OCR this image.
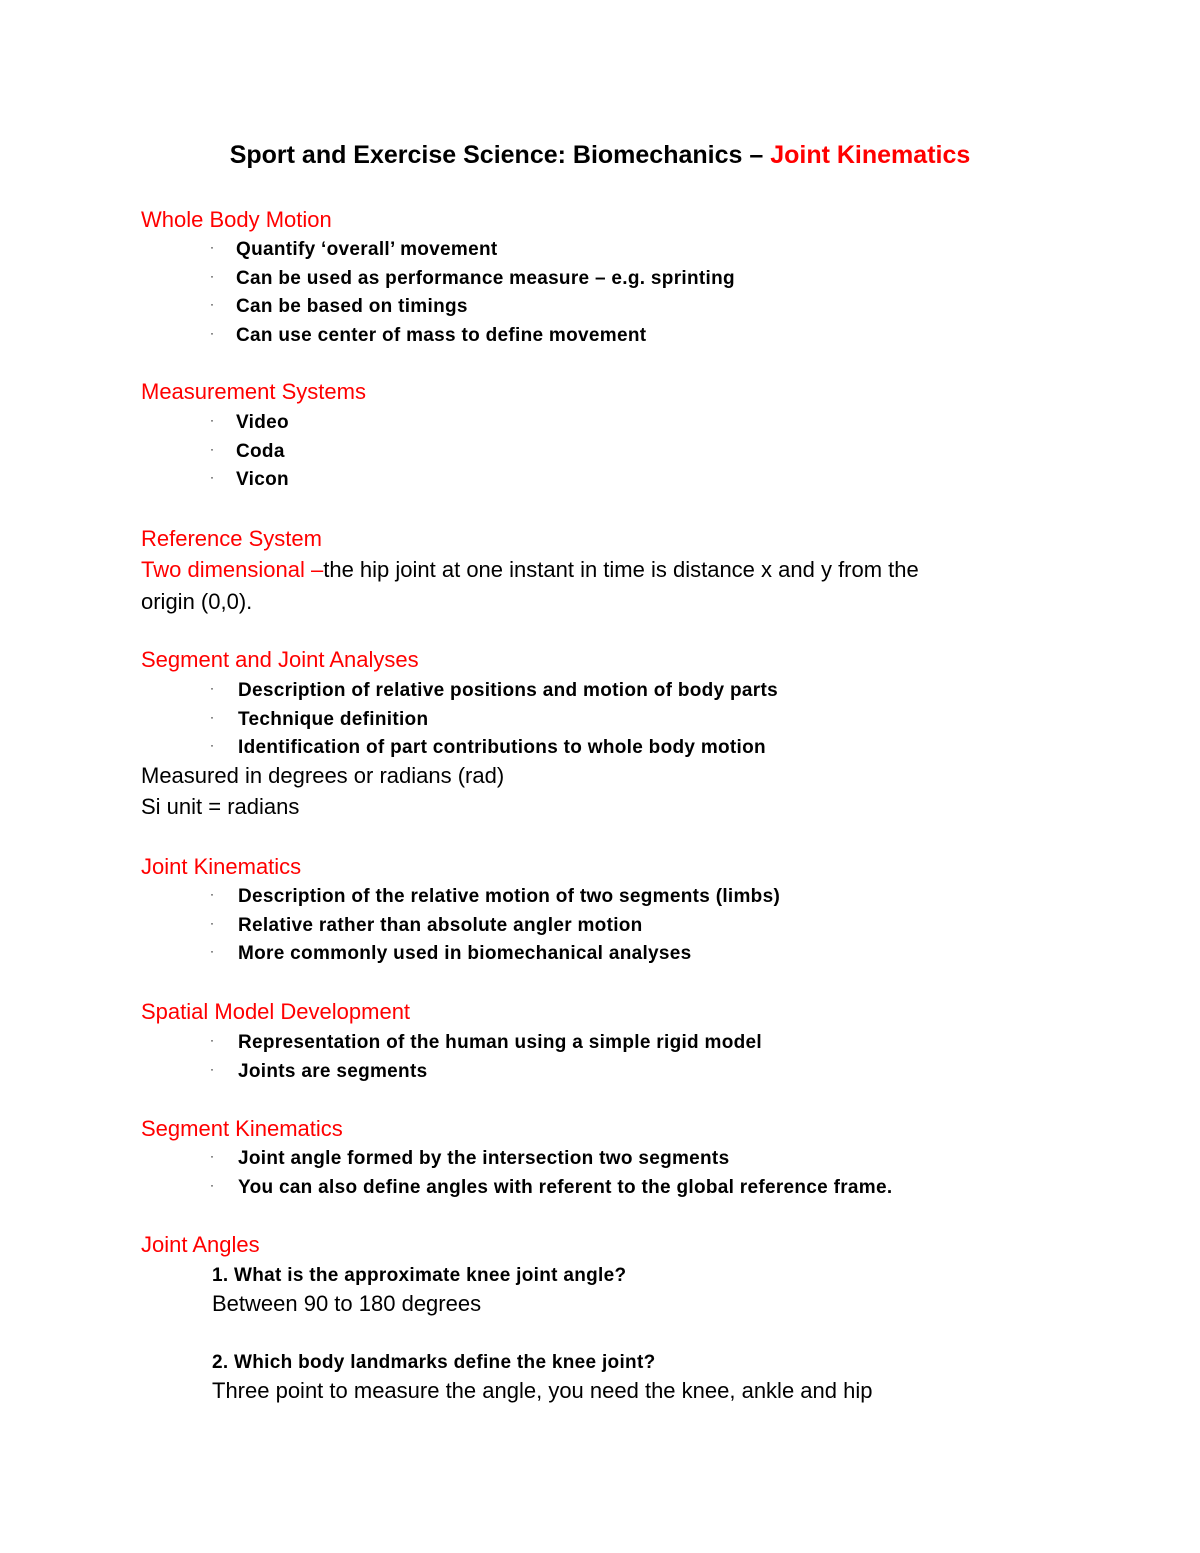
Sport and Exercise Science: Biomechanics – Joint Kinematics
Whole Body Motion
· Quantify ‘overall’ movement
· Can be used as performance measure – e.g. sprinting
· Can be based on timings
· Can use center of mass to define movement
Measurement Systems
· Video
· Coda
· Vicon
Reference System
Two dimensional –the hip joint at one instant in time is distance x and y from the
origin (0,0).
Segment and Joint Analyses
· Description of relative positions and motion of body parts
· Technique definition
· Identification of part contributions to whole body motion
Measured in degrees or radians (rad)
Si unit = radians
Joint Kinematics
· Description of the relative motion of two segments (limbs)
· Relative rather than absolute angler motion
· More commonly used in biomechanical analyses
Spatial Model Development
· Representation of the human using a simple rigid model
· Joints are segments
Segment Kinematics
· Joint angle formed by the intersection two segments
· You can also define angles with referent to the global reference frame.
Joint Angles
1. What is the approximate knee joint angle?
Between 90 to 180 degrees
2. Which body landmarks define the knee joint?
Three point to measure the angle, you need the knee, ankle and hip
